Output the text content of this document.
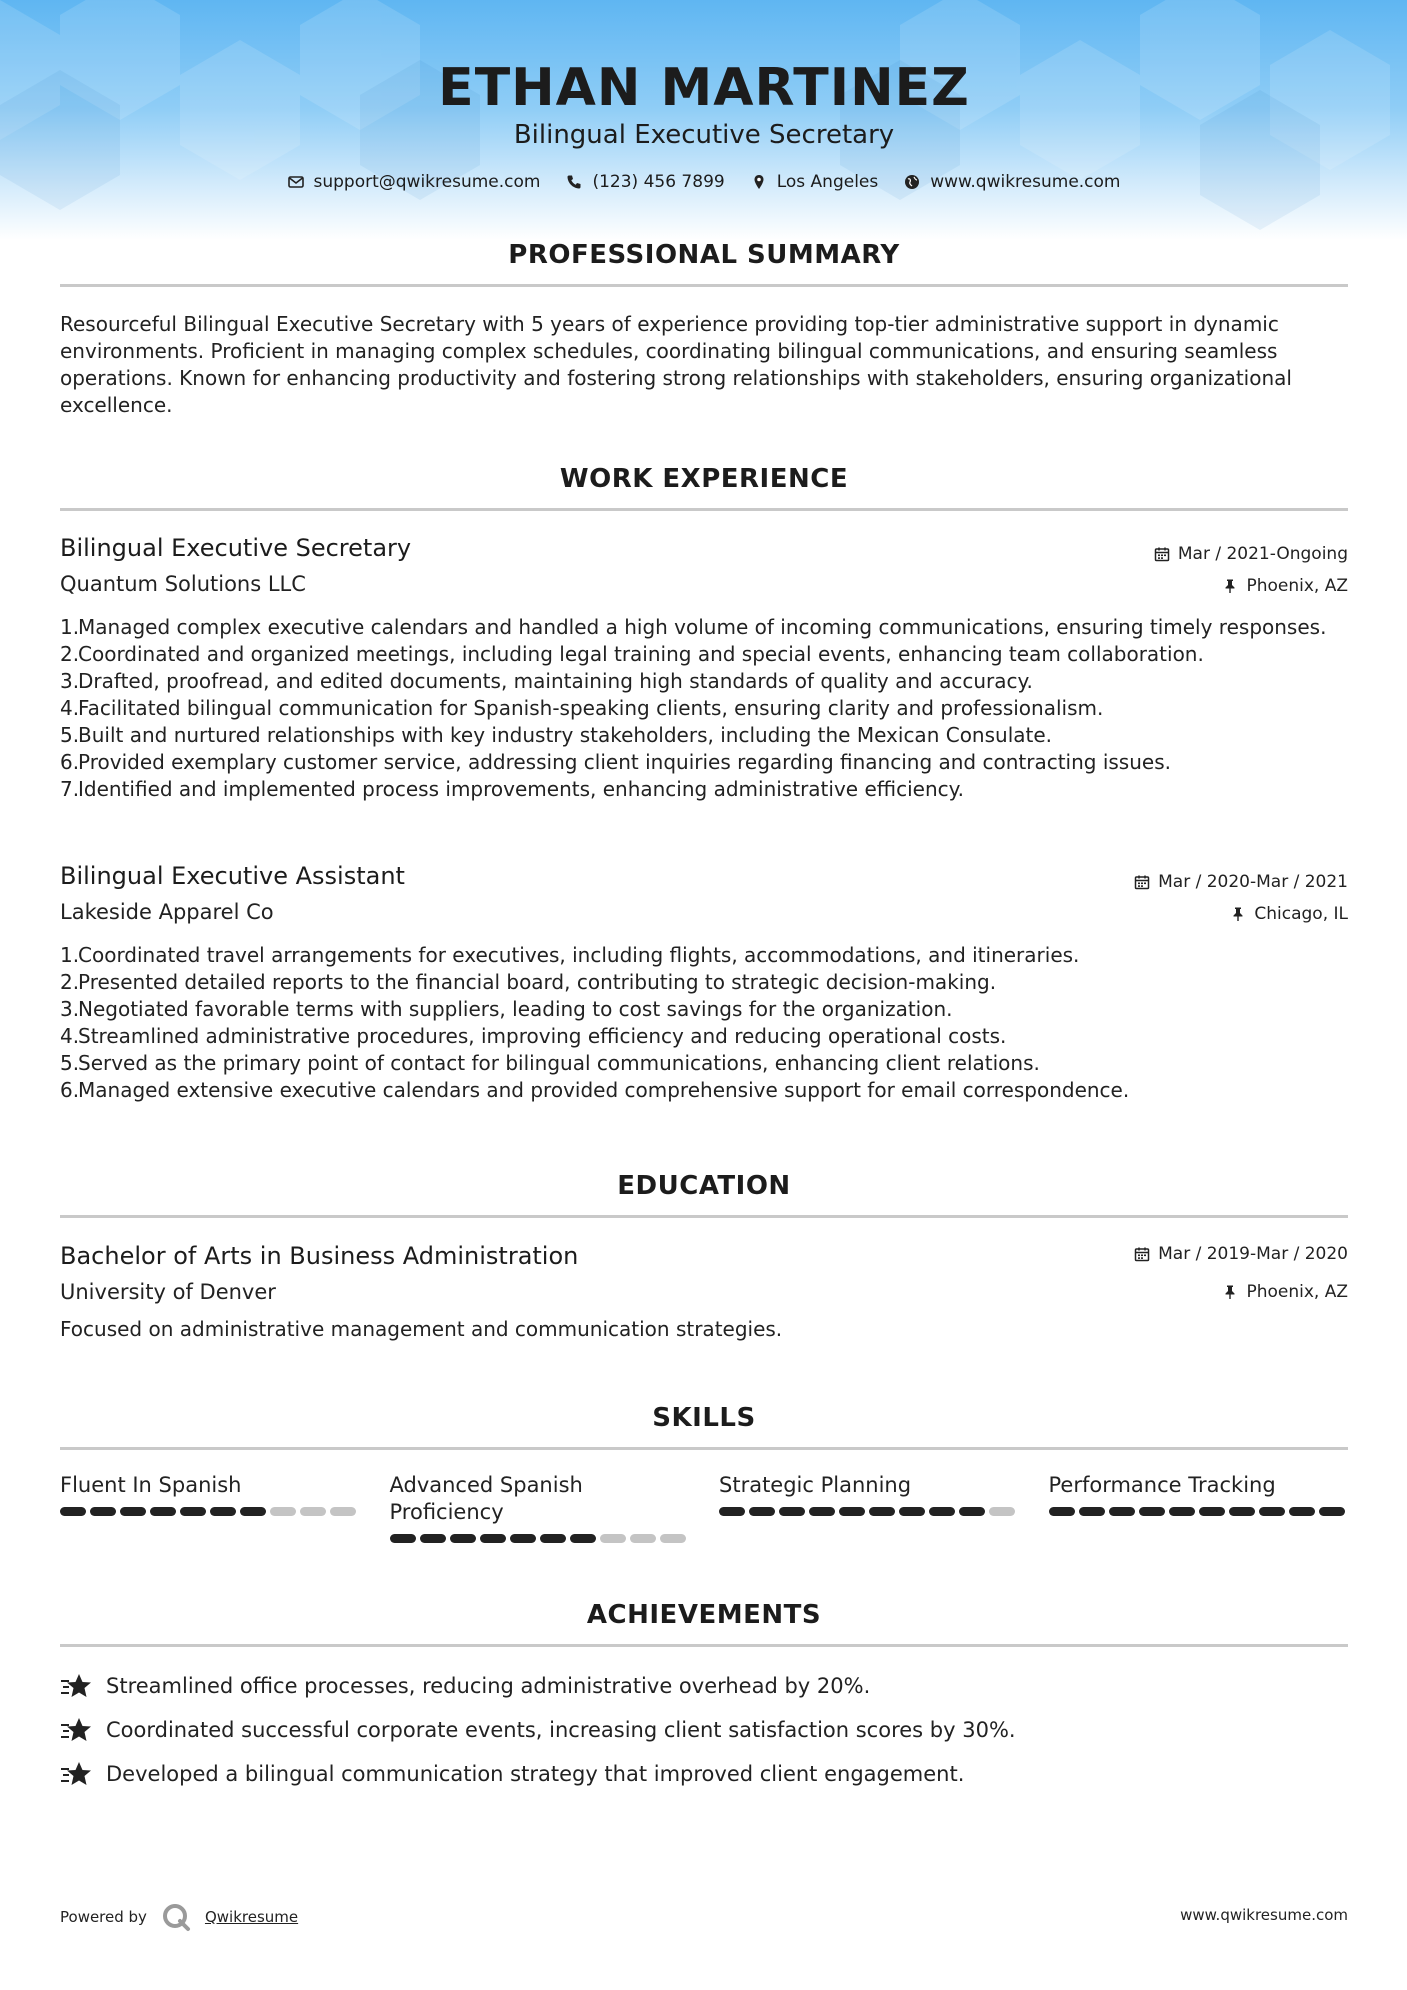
ETHAN MARTINEZ
Bilingual Executive Secretary
support@qwikresume.com	(123) 456 7899	Los Angeles	www.qwikresume.com
PROFESSIONAL SUMMARY
Resourceful Bilingual Executive Secretary with 5 years of experience providing top-tier administrative support in dynamic environments. Proficient in managing complex schedules, coordinating bilingual communications, and ensuring seamless operations. Known for enhancing productivity and fostering strong relationships with stakeholders, ensuring organizational excellence.
WORK EXPERIENCE
Bilingual Executive Secretary	Mar / 2021-Ongoing
Quantum Solutions LLC	Phoenix, AZ
1.
Managed complex executive calendars and handled a high volume of incoming communications, ensuring timely responses.
2.
Coordinated and organized meetings, including legal training and special events, enhancing team collaboration.
3.
Drafted, proofread, and edited documents, maintaining high standards of quality and accuracy.
4.
Facilitated bilingual communication for Spanish-speaking clients, ensuring clarity and professionalism.
5.
Built and nurtured relationships with key industry stakeholders, including the Mexican Consulate.
6.
Provided exemplary customer service, addressing client inquiries regarding financing and contracting issues.
7.
Identified and implemented process improvements, enhancing administrative efficiency.
Bilingual Executive Assistant	Mar / 2020-Mar / 2021
Lakeside Apparel Co	Chicago, IL
1.
Coordinated travel arrangements for executives, including flights, accommodations, and itineraries.
2.
Presented detailed reports to the financial board, contributing to strategic decision-making.
3.
Negotiated favorable terms with suppliers, leading to cost savings for the organization.
4.
Streamlined administrative procedures, improving efficiency and reducing operational costs.
5.
Served as the primary point of contact for bilingual communications, enhancing client relations.
6.
Managed extensive executive calendars and provided comprehensive support for email correspondence.
EDUCATION
Bachelor of Arts in Business Administration	Mar / 2019-Mar / 2020
University of Denver	Phoenix, AZ
Focused on administrative management and communication strategies.
SKILLS
Fluent In Spanish	Advanced Spanish Proficiency
Strategic Planning	Performance Tracking
ACHIEVEMENTS
Streamlined office processes, reducing administrative overhead by 20%.
Coordinated successful corporate events, increasing client satisfaction scores by 30%.
Developed a bilingual communication strategy that improved client engagement.
Powered by	Qwikresume	www.qwikresume.com
